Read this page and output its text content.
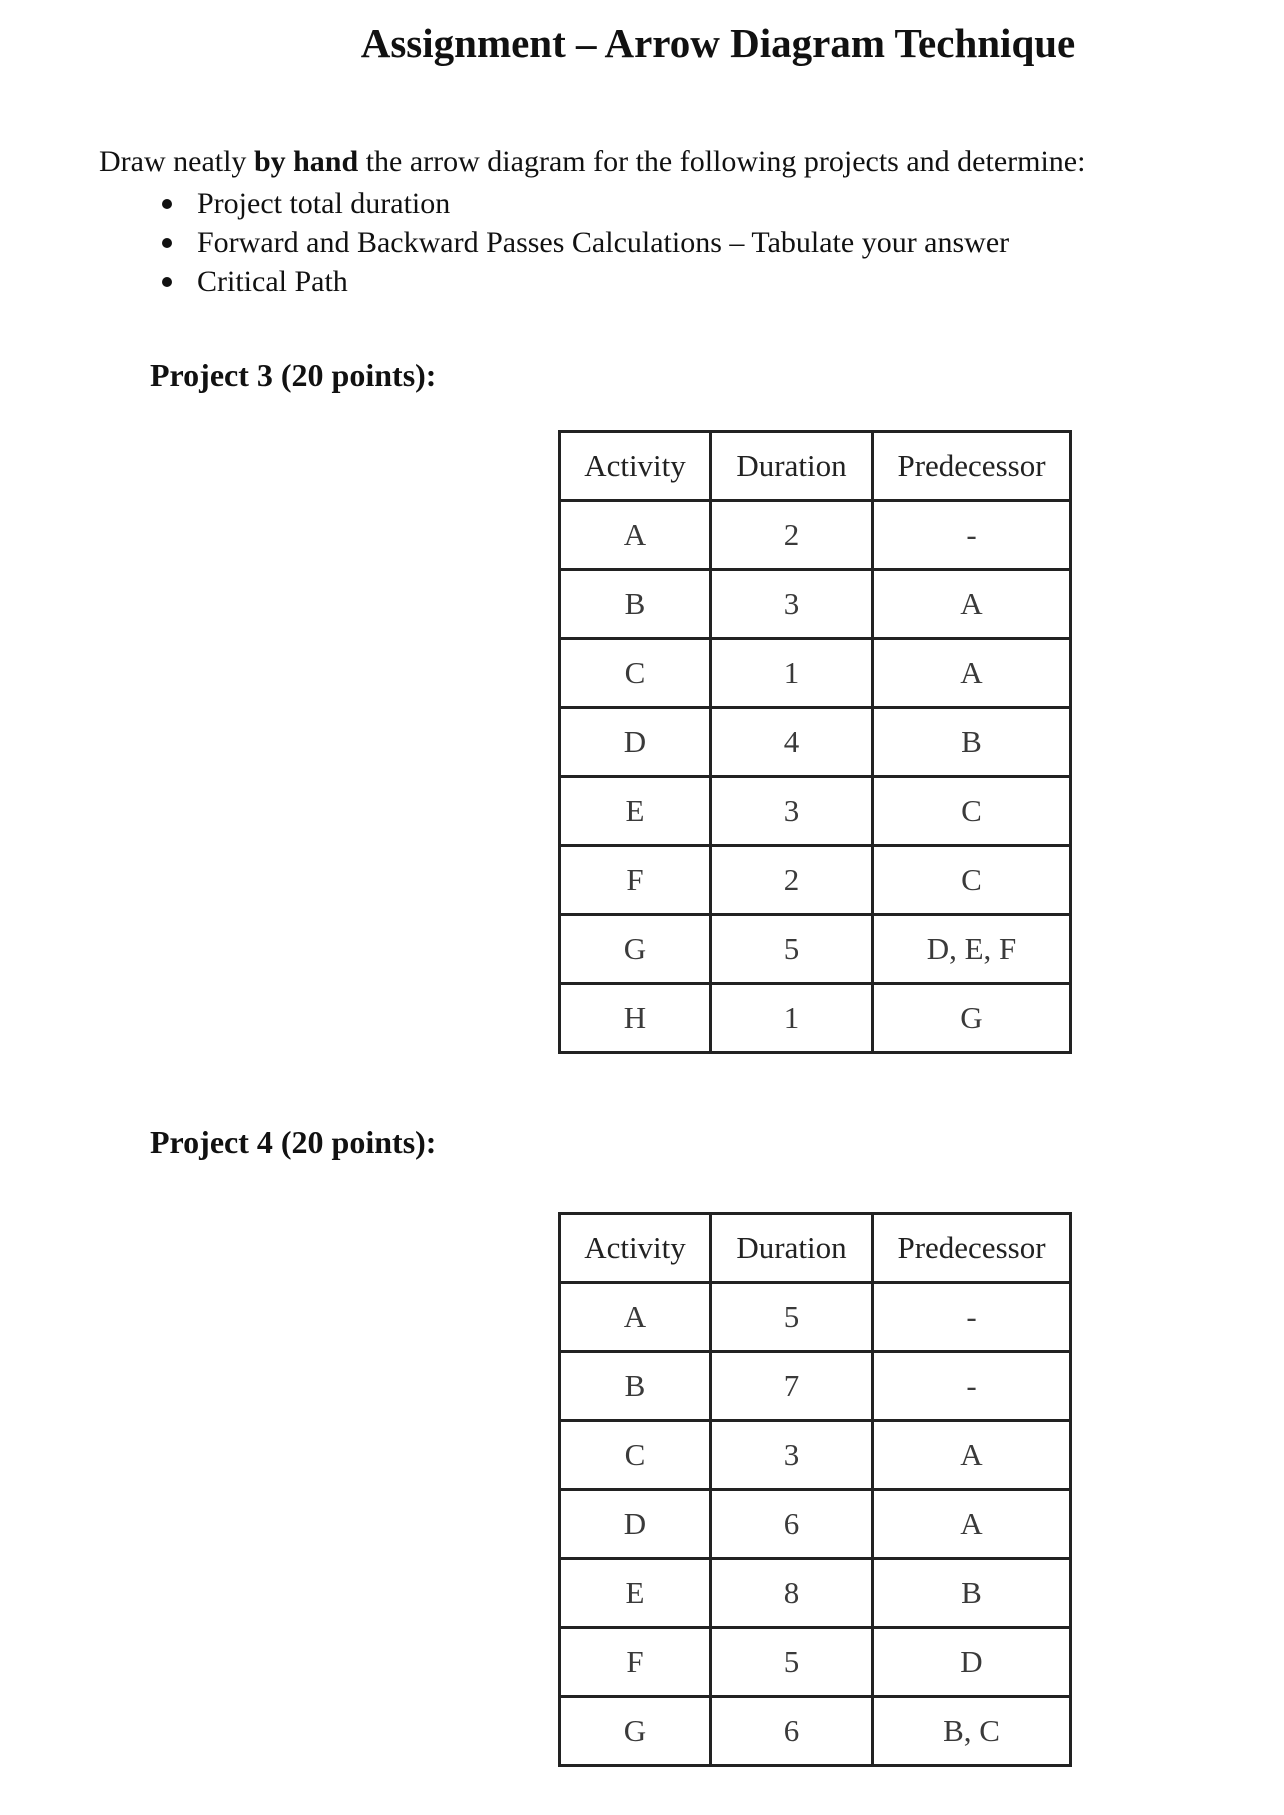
Assignment – Arrow Diagram Technique

Draw neatly by hand the arrow diagram for the following projects and determine:

Project total duration
Forward and Backward Passes Calculations – Tabulate your answer
Critical Path
Project 3 (20 points):
Activity	Duration	Predecessor
A	2	-
B	3	A
C	1	A
D	4	B
E	3	C
F	2	C
G	5	D, E, F
H	1	G
Project 4 (20 points):
Activity	Duration	Predecessor
A	5	-
B	7	-
C	3	A
D	6	A
E	8	B
F	5	D
G	6	B, C
